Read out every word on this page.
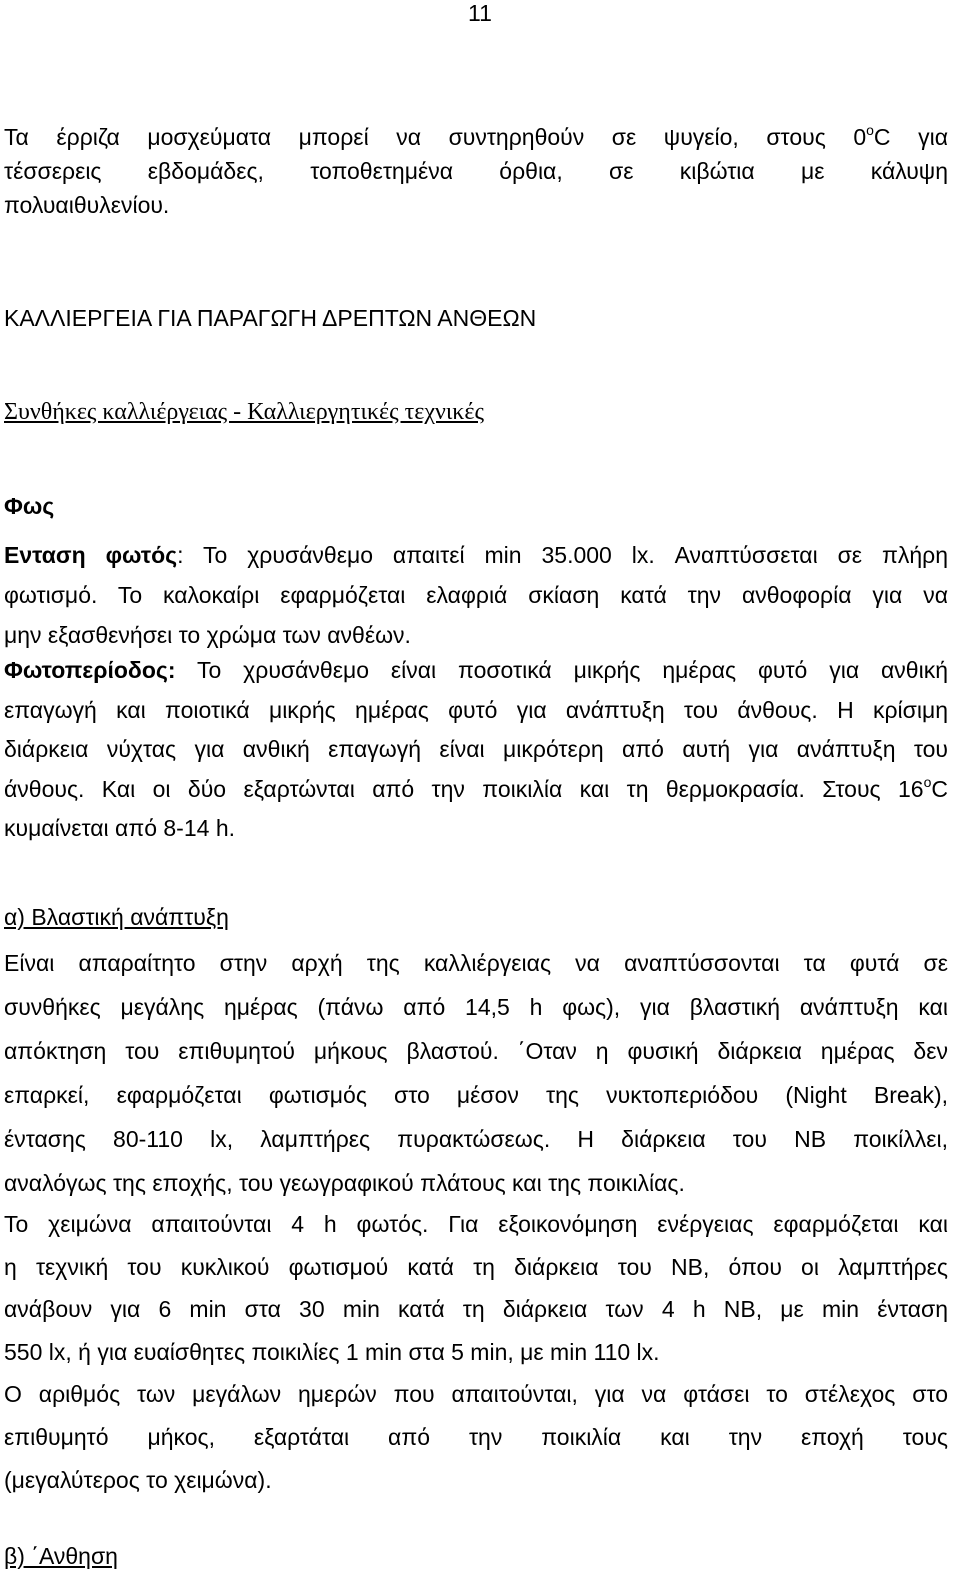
11

Τα έρριζα μοσχεύματα μπορεί να συντηρηθούν σε ψυγείο, στους $0^oC$ για

τέσσερεις εβδομάδες, τοποθετημένα όρθια, σε κιβώτια με κάλυψη

πολυαιθυλενίου.

ΚΑΛΛΙΕΡΓΕΙΑ ΓΙΑ ΠΑΡΑΓΩΓΗ ΔΡΕΠΤΩΝ ΑΝΘΕΩΝ
Συνθήκες καλλιέργειας - Καλλιεργητικές τεχνικές
Φως

Ενταση φωτός: Το χρυσάνθεμο απαιτεί min 35.000 lx. Αναπτύσσεται σε πλήρη

φωτισμό. Το καλοκαίρι εφαρμόζεται ελαφριά σκίαση κατά την ανθοφορία για να

μην εξασθενήσει το χρώμα των ανθέων.

Φωτοπερίοδος: Το χρυσάνθεμο είναι ποσοτικά μικρής ημέρας φυτό για ανθική

επαγωγή και ποιοτικά μικρής ημέρας φυτό για ανάπτυξη του άνθους. Η κρίσιμη

διάρκεια νύχτας για ανθική επαγωγή είναι μικρότερη από αυτή για ανάπτυξη του

άνθους. Και οι δύο εξαρτώνται από την ποικιλία και τη θερμοκρασία. Στους $16^oC$

κυμαίνεται από 8-14 h.

α) Βλαστική ανάπτυξη

Είναι απαραίτητο στην αρχή της καλλιέργειας να αναπτύσσονται τα φυτά σε

συνθήκες μεγάλης ημέρας (πάνω από 14,5 h φως), για βλαστική ανάπτυξη και

απόκτηση του επιθυμητού μήκους βλαστού. ΄Οταν η φυσική διάρκεια ημέρας δεν

επαρκεί, εφαρμόζεται φωτισμός στο μέσον της νυκτοπεριόδου (Night Break),

έντασης 80-110 lx, λαμπτήρες πυρακτώσεως. Η διάρκεια του NB ποικίλλει,

αναλόγως της εποχής, του γεωγραφικού πλάτους και της ποικιλίας.

Το χειμώνα απαιτούνται 4 h φωτός. Για εξοικονόμηση ενέργειας εφαρμόζεται και

η τεχνική του κυκλικού φωτισμού κατά τη διάρκεια του NB, όπου οι λαμπτήρες

ανάβουν για 6 min στα 30 min κατά τη διάρκεια των 4 h NB, με min ένταση

550 lx, ή για ευαίσθητες ποικιλίες 1 min στα 5 min, με min 110 lx.

Ο αριθμός των μεγάλων ημερών που απαιτούνται, για να φτάσει το στέλεχος στο

επιθυμητό μήκος, εξαρτάται από την ποικιλία και την εποχή τους

(μεγαλύτερος το χειμώνα).

β) ΄Ανθηση
